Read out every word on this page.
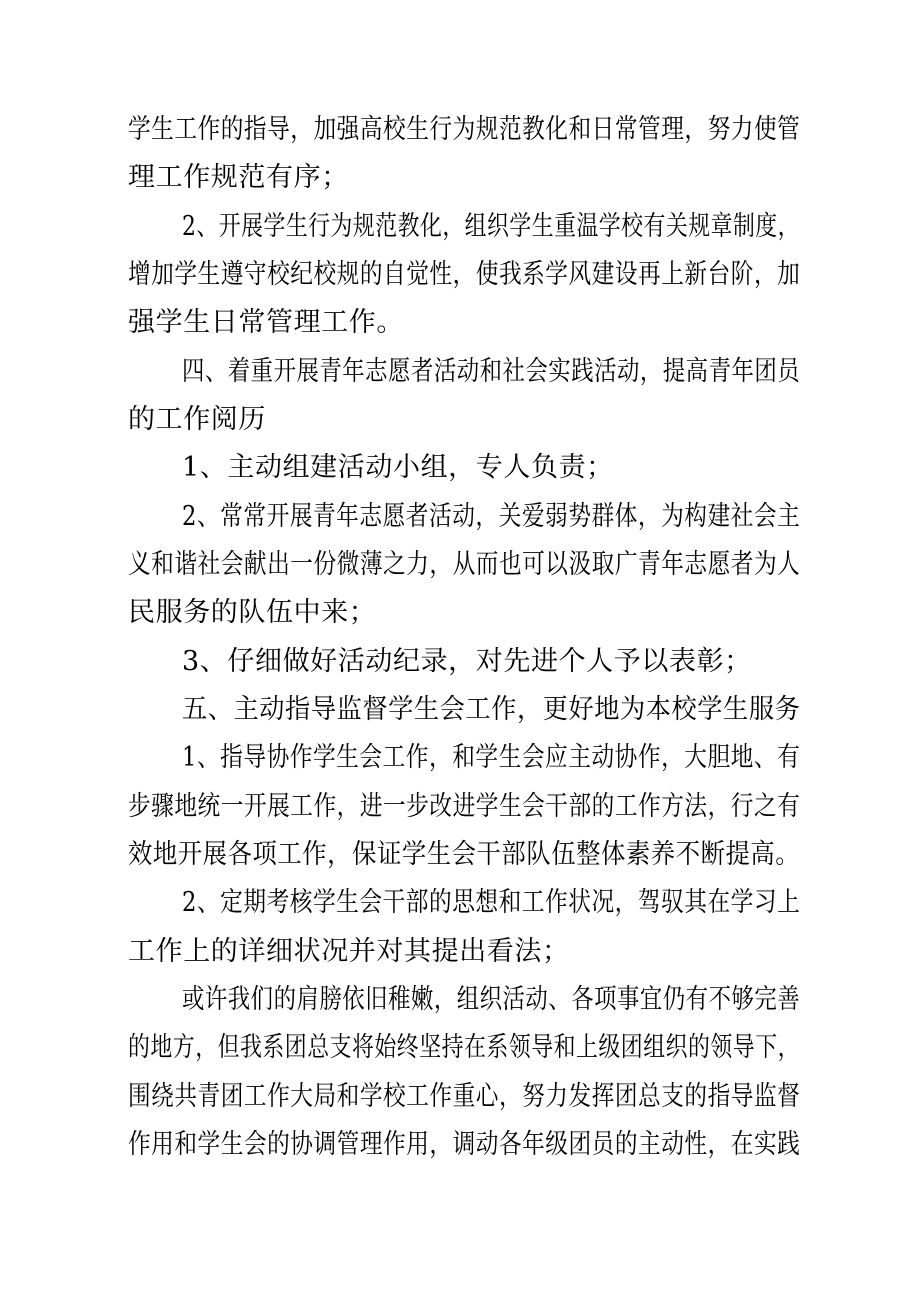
学生工作的指导，加强高校生行为规范教化和日常管理，努力使管
理工作规范有序；
2、开展学生行为规范教化，组织学生重温学校有关规章制度，
增加学生遵守校纪校规的自觉性，使我系学风建设再上新台阶，加
强学生日常管理工作。
四、着重开展青年志愿者活动和社会实践活动，提高青年团员
的工作阅历
1、主动组建活动小组，专人负责；
2、常常开展青年志愿者活动，关爱弱势群体，为构建社会主
义和谐社会献出一份微薄之力，从而也可以汲取广青年志愿者为人
民服务的队伍中来；
3、仔细做好活动纪录，对先进个人予以表彰；
五、主动指导监督学生会工作，更好地为本校学生服务
1、指导协作学生会工作，和学生会应主动协作，大胆地、有
步骤地统一开展工作，进一步改进学生会干部的工作方法，行之有
效地开展各项工作，保证学生会干部队伍整体素养不断提高。
2、定期考核学生会干部的思想和工作状况，驾驭其在学习上
工作上的详细状况并对其提出看法；
或许我们的肩膀依旧稚嫩，组织活动、各项事宜仍有不够完善
的地方，但我系团总支将始终坚持在系领导和上级团组织的领导下，
围绕共青团工作大局和学校工作重心，努力发挥团总支的指导监督
作用和学生会的协调管理作用，调动各年级团员的主动性，在实践
